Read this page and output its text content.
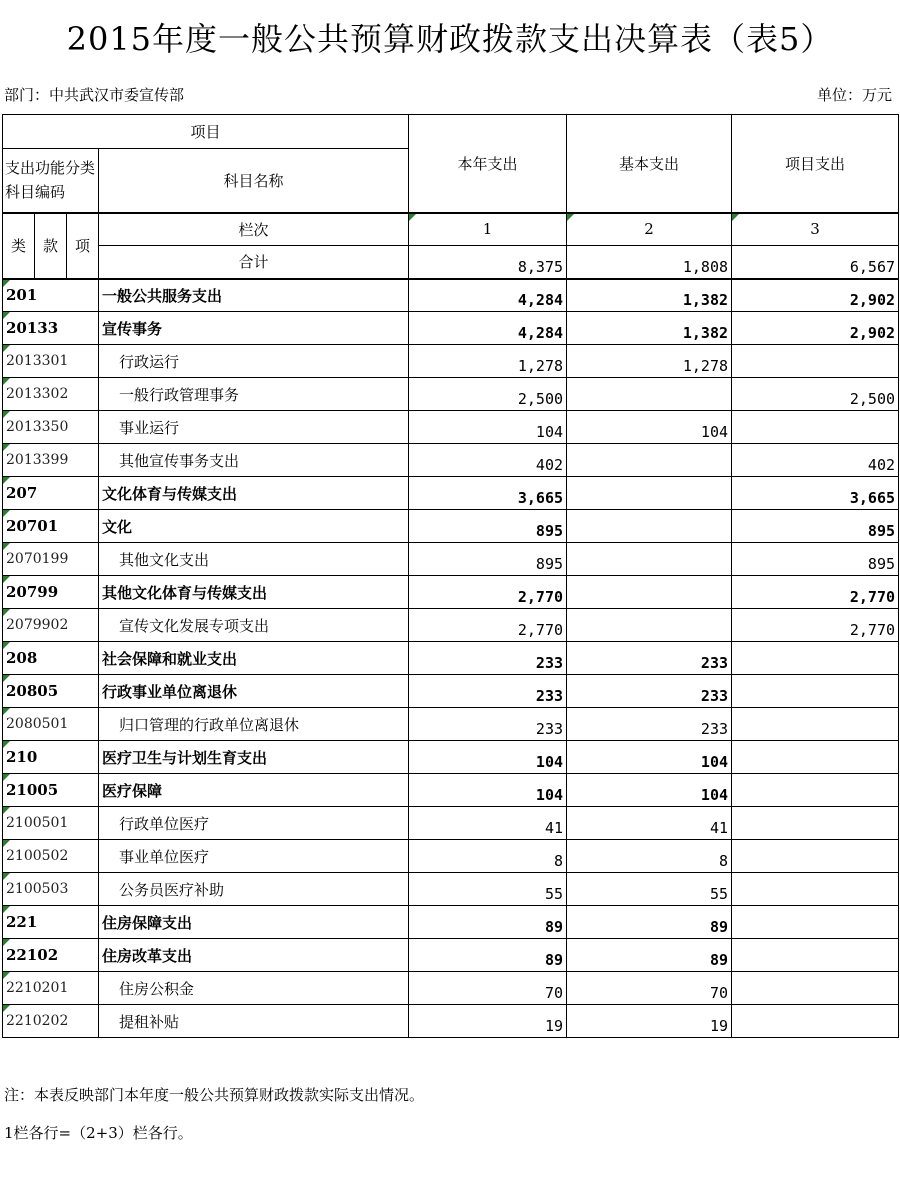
2015年度一般公共预算财政拨款支出决算表（表5）
部门：中共武汉市委宣传部	单位：万元
项目				本年支出	基本支出	项目支出
支出功能分类科目编码			科目名称			
类	款	项	栏次	1	2	3
			合计	8,375	1,808	6,567
201			一般公共服务支出	4,284	1,382	2,902
20133			宣传事务	4,284	1,382	2,902
2013301			行政运行	1,278	1,278	
2013302			一般行政管理事务	2,500		2,500
2013350			事业运行	104	104	
2013399			其他宣传事务支出	402		402
207			文化体育与传媒支出	3,665		3,665
20701			文化	895		895
2070199			其他文化支出	895		895
20799			其他文化体育与传媒支出	2,770		2,770
2079902			宣传文化发展专项支出	2,770		2,770
208			社会保障和就业支出	233	233	
20805			行政事业单位离退休	233	233	
2080501			归口管理的行政单位离退休	233	233	
210			医疗卫生与计划生育支出	104	104	
21005			医疗保障	104	104	
2100501			行政单位医疗	41	41	
2100502			事业单位医疗	8	8	
2100503			公务员医疗补助	55	55	
221			住房保障支出	89	89	
22102			住房改革支出	89	89	
2210201			住房公积金	70	70	
2210202			提租补贴	19	19	
注：本表反映部门本年度一般公共预算财政拨款实际支出情况。
1栏各行=（2+3）栏各行。
